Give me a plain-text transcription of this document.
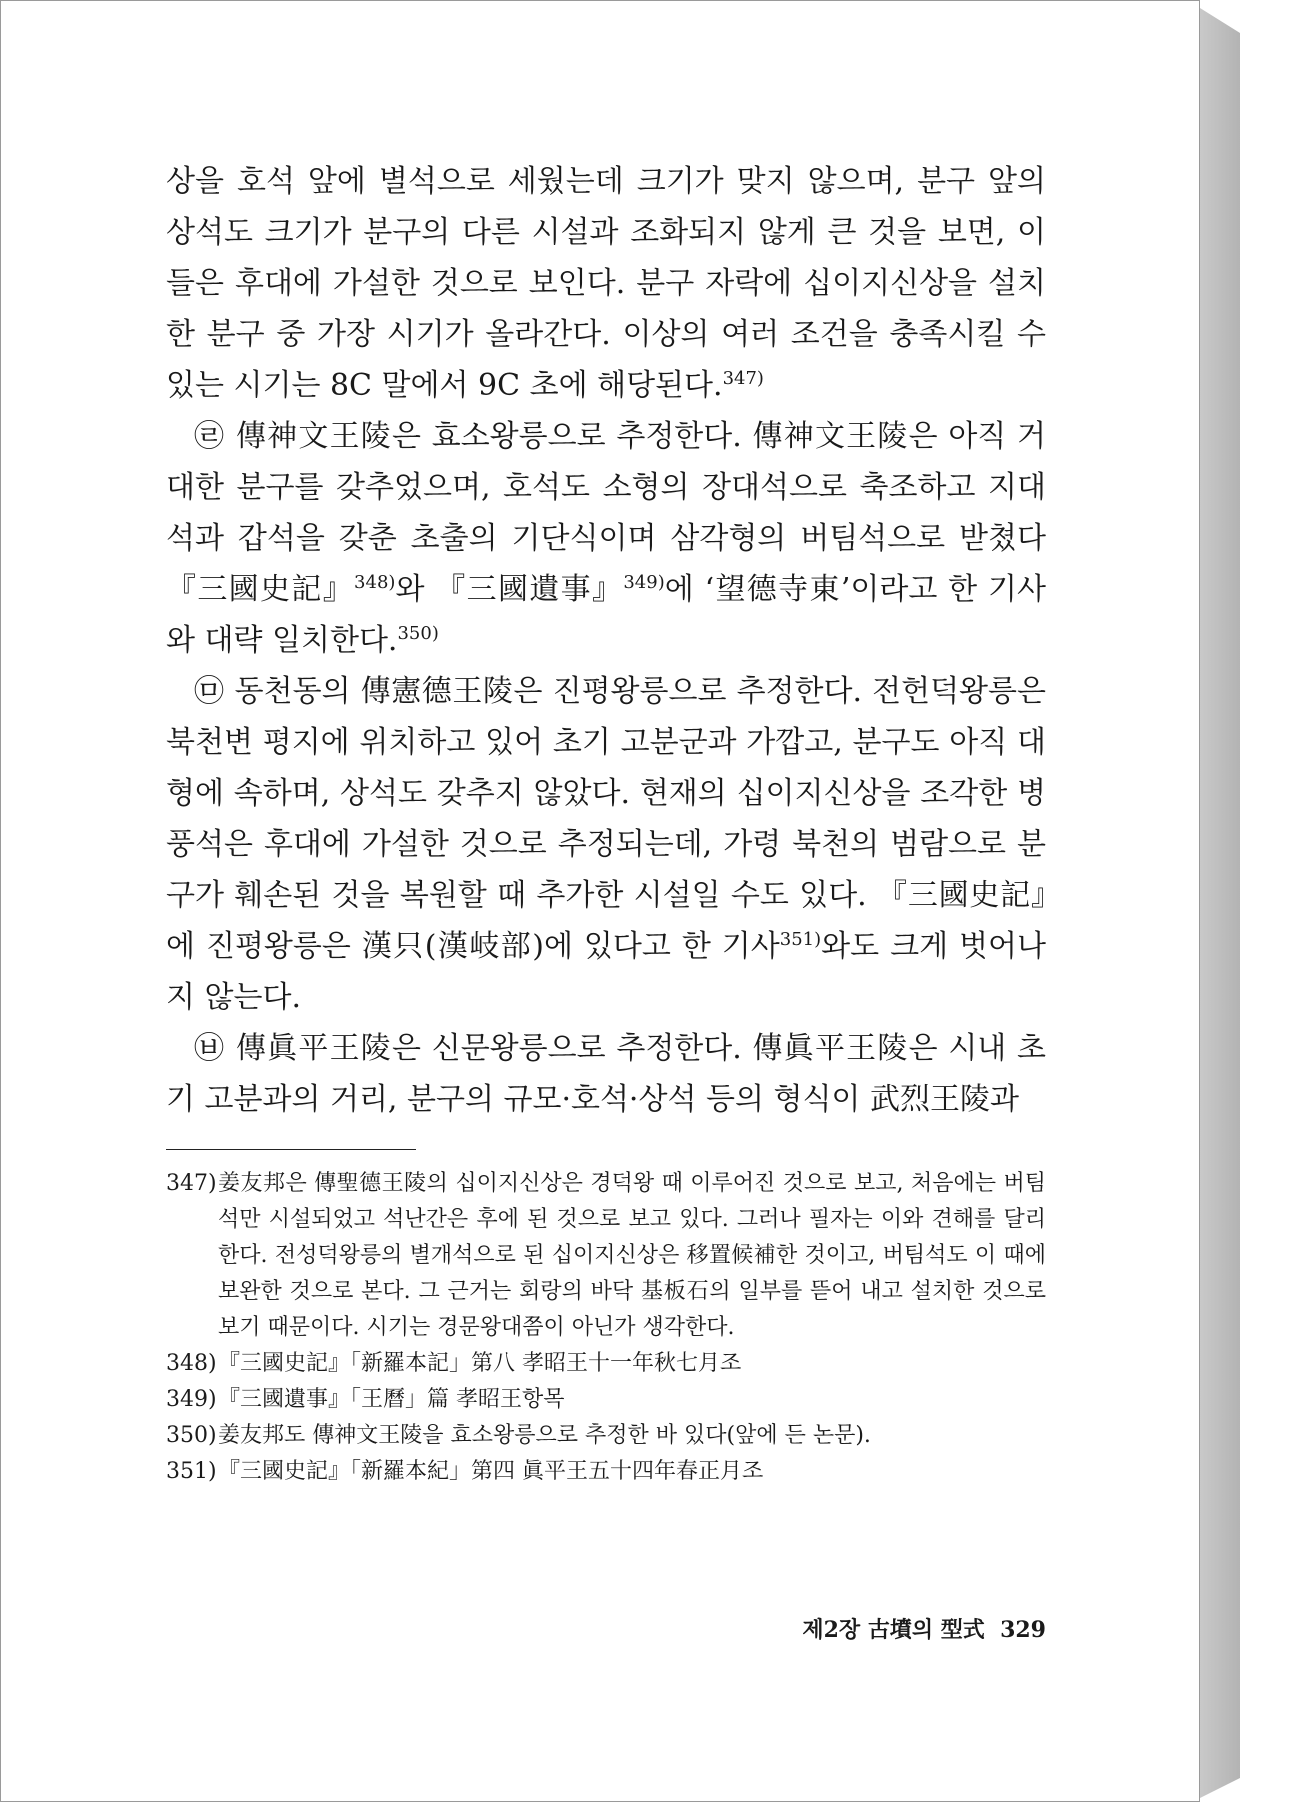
상을 호석 앞에 별석으로 세웠는데 크기가 맞지 않으며, 분구 앞의 상석도 크기가 분구의 다른 시설과 조화되지 않게 큰 것을 보면, 이들은 후대에 가설한 것으로 보인다. 분구 자락에 십이지신상을 설치한 분구 중 가장 시기가 올라간다. 이상의 여러 조건을 충족시킬 수 있는 시기는 8C 말에서 9C 초에 해당된다.$^{347)}$

㉣ 傳神文王陵은 효소왕릉으로 추정한다. 傳神文王陵은 아직 거대한 분구를 갖추었으며, 호석도 소형의 장대석으로 축조하고 지대석과 갑석을 갖춘 초출의 기단식이며 삼각형의 버팀석으로 받쳤다 『三國史記』$^{348)}$와 『三國遺事』$^{349)}$에 ‘望德寺東’이라고 한 기사와 대략 일치한다.$^{350)}$

㉤ 동천동의 傳憲德王陵은 진평왕릉으로 추정한다. 전헌덕왕릉은 북천변 평지에 위치하고 있어 초기 고분군과 가깝고, 분구도 아직 대형에 속하며, 상석도 갖추지 않았다. 현재의 십이지신상을 조각한 병풍석은 후대에 가설한 것으로 추정되는데, 가령 북천의 범람으로 분구가 훼손된 것을 복원할 때 추가한 시설일 수도 있다. 『三國史記』에 진평왕릉은 漢只(漢岐部)에 있다고 한 기사$^{351)}$와도 크게 벗어나지 않는다.

㉥ 傳眞平王陵은 신문왕릉으로 추정한다. 傳眞平王陵은 시내 초기 고분과의 거리, 분구의 규모·호석·상석 등의 형식이 武烈王陵과

347) 姜友邦은 傳聖德王陵의 십이지신상은 경덕왕 때 이루어진 것으로 보고, 처음에는 버팀석만 시설되었고 석난간은 후에 된 것으로 보고 있다. 그러나 필자는 이와 견해를 달리한다. 전성덕왕릉의 별개석으로 된 십이지신상은 移置候補한 것이고, 버팀석도 이 때에 보완한 것으로 본다. 그 근거는 회랑의 바닥 基板石의 일부를 뜯어 내고 설치한 것으로 보기 때문이다. 시기는 경문왕대쯤이 아닌가 생각한다.
348) 『三國史記』「新羅本記」第八 孝昭王十一年秋七月조
349) 『三國遺事』「王曆」篇 孝昭王항목
350) 姜友邦도 傳神文王陵을 효소왕릉으로 추정한 바 있다(앞에 든 논문).
351) 『三國史記』「新羅本紀」第四 眞平王五十四年春正月조
제2장 古墳의 型式 329
